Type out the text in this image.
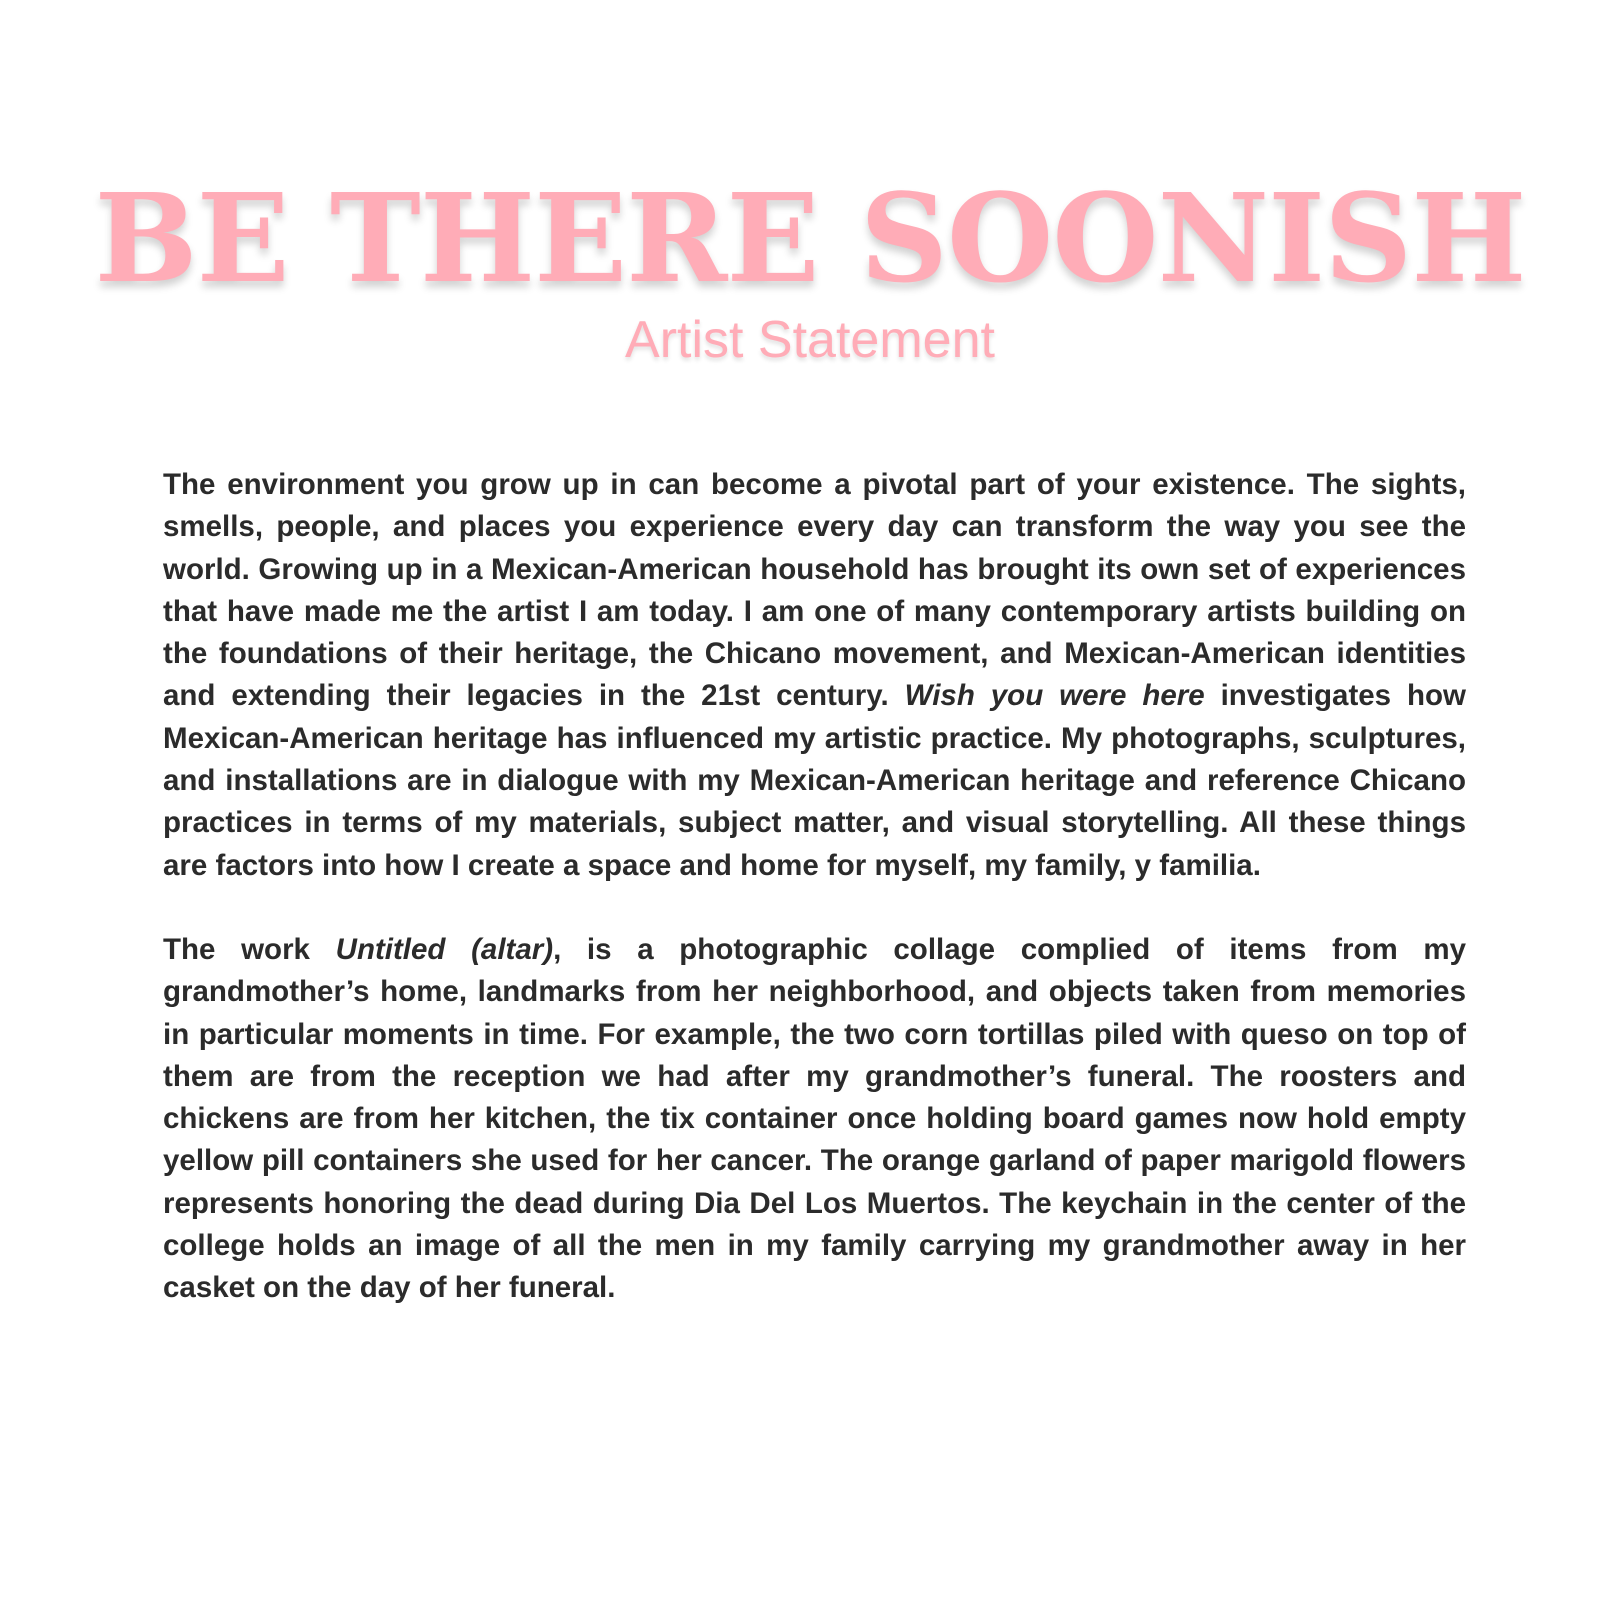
BE THERE SOONISH
Artist Statement

The environment you grow up in can become a pivotal part of your existence. The sights, smells, people, and places you experience every day can transform the way you see the world. Growing up in a Mexican-American household has brought its own set of experiences that have made me the artist I am today. I am one of many contemporary artists building on the foundations of their heritage, the Chicano movement, and Mexican-American identities and extending their legacies in the 21st century. Wish you were here investigates how Mexican-American heritage has influenced my artistic practice. My photographs, sculptures, and installations are in dialogue with my Mexican-American heritage and reference Chicano practices in terms of my materials, subject matter, and visual storytelling. All these things are factors into how I create a space and home for myself, my family, y familia.

The work Untitled (altar), is a photographic collage complied of items from my grandmother’s home, landmarks from her neighborhood, and objects taken from memories in particular moments in time. For example, the two corn tortillas piled with queso on top of them are from the reception we had after my grandmother’s funeral. The roosters and chickens are from her kitchen, the tix container once holding board games now hold empty yellow pill containers she used for her cancer. The orange garland of paper marigold flowers represents honoring the dead during Dia Del Los Muertos. The keychain in the center of the college holds an image of all the men in my family carrying my grandmother away in her casket on the day of her funeral.
